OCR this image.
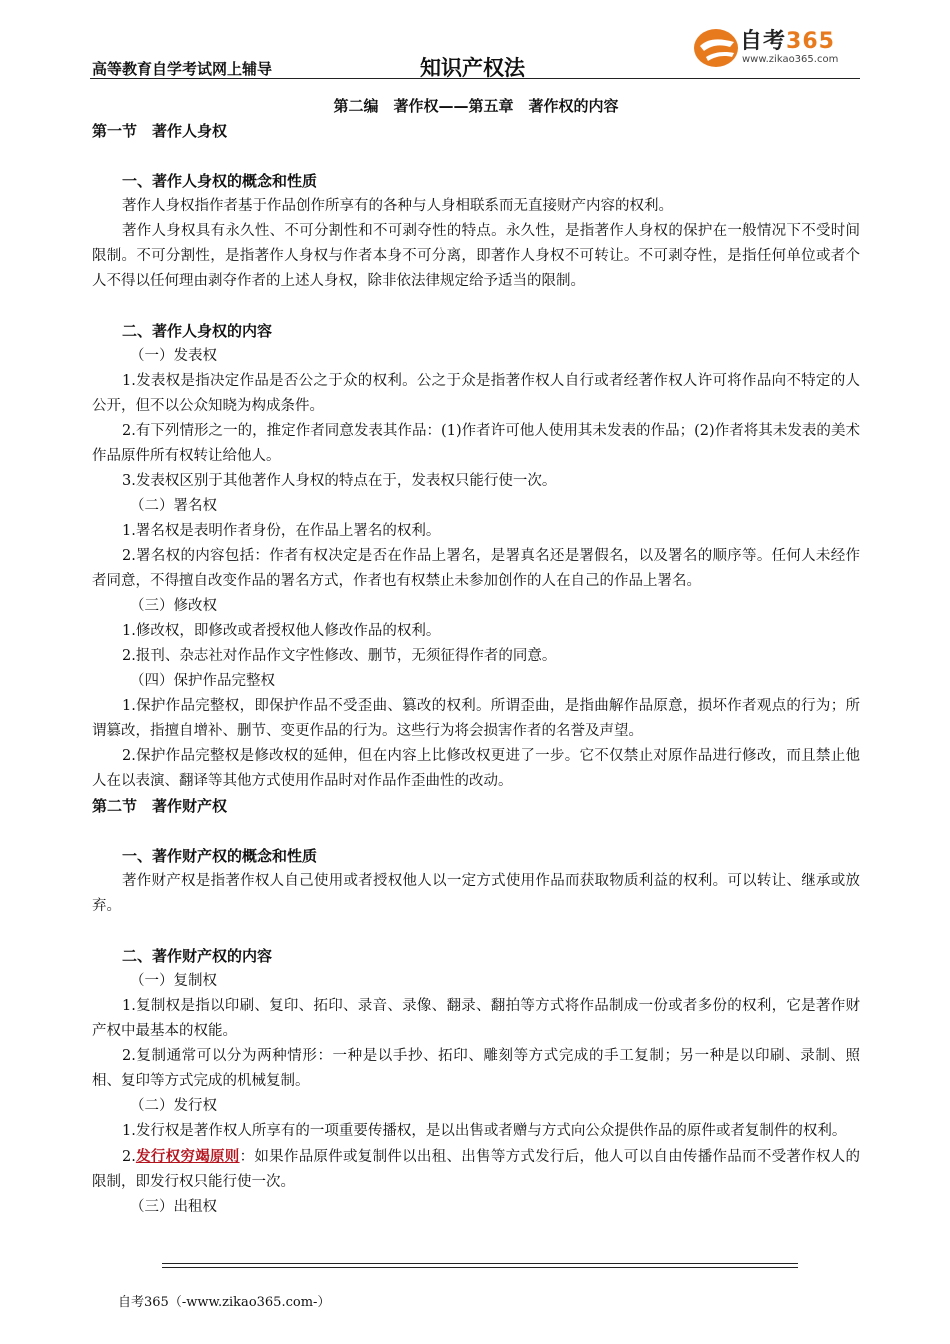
高等教育自学考试网上辅导	知识产权法
自考365
www.zikao365.com
第二编　著作权——第五章　著作权的内容
第一节　著作人身权
一、著作人身权的概念和性质

著作人身权指作者基于作品创作所享有的各种与人身相联系而无直接财产内容的权利。

著作人身权具有永久性、不可分割性和不可剥夺性的特点。永久性，是指著作人身权的保护在一般情况下不受时间限制。不可分割性，是指著作人身权与作者本身不可分离，即著作人身权不可转让。不可剥夺性，是指任何单位或者个人不得以任何理由剥夺作者的上述人身权，除非依法律规定给予适当的限制。

二、著作人身权的内容
（一）发表权

1.发表权是指决定作品是否公之于众的权利。公之于众是指著作权人自行或者经著作权人许可将作品向不特定的人公开，但不以公众知晓为构成条件。

2.有下列情形之一的，推定作者同意发表其作品：(1)作者许可他人使用其未发表的作品；(2)作者将其未发表的美术作品原件所有权转让给他人。

3.发表权区别于其他著作人身权的特点在于，发表权只能行使一次。

（二）署名权

1.署名权是表明作者身份，在作品上署名的权利。

2.署名权的内容包括：作者有权决定是否在作品上署名，是署真名还是署假名，以及署名的顺序等。任何人未经作者同意，不得擅自改变作品的署名方式，作者也有权禁止未参加创作的人在自己的作品上署名。

（三）修改权

1.修改权，即修改或者授权他人修改作品的权利。

2.报刊、杂志社对作品作文字性修改、删节，无须征得作者的同意。

（四）保护作品完整权

1.保护作品完整权，即保护作品不受歪曲、篡改的权利。所谓歪曲，是指曲解作品原意，损坏作者观点的行为；所谓篡改，指擅自增补、删节、变更作品的行为。这些行为将会损害作者的名誉及声望。

2.保护作品完整权是修改权的延伸，但在内容上比修改权更进了一步。它不仅禁止对原作品进行修改，而且禁止他人在以表演、翻译等其他方式使用作品时对作品作歪曲性的改动。

第二节　著作财产权
一、著作财产权的概念和性质

著作财产权是指著作权人自己使用或者授权他人以一定方式使用作品而获取物质利益的权利。可以转让、继承或放弃。

二、著作财产权的内容
（一）复制权

1.复制权是指以印刷、复印、拓印、录音、录像、翻录、翻拍等方式将作品制成一份或者多份的权利，它是著作财产权中最基本的权能。

2.复制通常可以分为两种情形：一种是以手抄、拓印、雕刻等方式完成的手工复制；另一种是以印刷、录制、照相、复印等方式完成的机械复制。

（二）发行权

1.发行权是著作权人所享有的一项重要传播权，是以出售或者赠与方式向公众提供作品的原件或者复制件的权利。

2.发行权穷竭原则：如果作品原件或复制件以出租、出售等方式发行后，他人可以自由传播作品而不受著作权人的限制，即发行权只能行使一次。

（三）出租权
自考365（-www.zikao365.com-）
